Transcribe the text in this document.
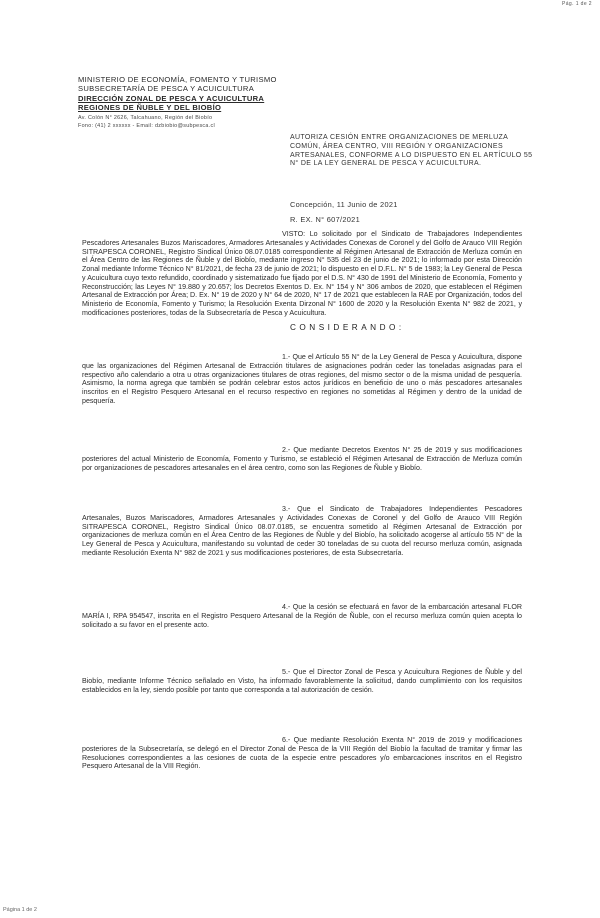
Pág. 1 de 2
MINISTERIO DE ECONOMÍA, FOMENTO Y TURISMO
SUBSECRETARÍA DE PESCA Y ACUICULTURA
DIRECCIÓN ZONAL DE PESCA Y ACUICULTURA
REGIONES DE ÑUBLE Y DEL BIOBÍO
Av. Colón N° 2626, Talcahuano, Región del Biobío
Fono: (41) 2 xxxxxx - Email: dzbiobio@subpesca.cl
AUTORIZA CESIÓN ENTRE ORGANIZACIONES DE MERLUZA COMÚN, ÁREA CENTRO, VIII REGIÓN Y ORGANIZACIONES ARTESANALES, CONFORME A LO DISPUESTO EN EL ARTÍCULO 55 N° DE LA LEY GENERAL DE PESCA Y ACUICULTURA.
Concepción, 11 Junio de 2021
R. EX. N° 607/2021

VISTO: Lo solicitado por el Sindicato de Trabajadores Independientes Pescadores Artesanales Buzos Mariscadores, Armadores Artesanales y Actividades Conexas de Coronel y del Golfo de Arauco VIII Región SITRAPESCA CORONEL, Registro Sindical Único 08.07.0185 correspondiente al Régimen Artesanal de Extracción de Merluza común en el Área Centro de las Regiones de Ñuble y del Biobío, mediante ingreso N° 535 del 23 de junio de 2021; lo informado por esta Dirección Zonal mediante Informe Técnico N° 81/2021, de fecha 23 de junio de 2021; lo dispuesto en el D.F.L. N° 5 de 1983; la Ley General de Pesca y Acuicultura cuyo texto refundido, coordinado y sistematizado fue fijado por el D.S. N° 430 de 1991 del Ministerio de Economía, Fomento y Reconstrucción; las Leyes N° 19.880 y 20.657; los Decretos Exentos D. Ex. N° 154 y N° 306 ambos de 2020, que establecen el Régimen Artesanal de Extracción por Área; D. Ex. N° 19 de 2020 y N° 64 de 2020, N° 17 de 2021 que establecen la RAE por Organización, todos del Ministerio de Economía, Fomento y Turismo; la Resolución Exenta Dirzonal N° 1600 de 2020 y la Resolución Exenta N° 982 de 2021, y modificaciones posteriores, todas de la Subsecretaría de Pesca y Acuicultura.

CONSIDERANDO:

1.- Que el Artículo 55 N° de la Ley General de Pesca y Acuicultura, dispone que las organizaciones del Régimen Artesanal de Extracción titulares de asignaciones podrán ceder las toneladas asignadas para el respectivo año calendario a otra u otras organizaciones titulares de otras regiones, del mismo sector o de la misma unidad de pesquería. Asimismo, la norma agrega que también se podrán celebrar estos actos jurídicos en beneficio de uno o más pescadores artesanales inscritos en el Registro Pesquero Artesanal en el recurso respectivo en regiones no sometidas al Régimen y dentro de la unidad de pesquería.

2.- Que mediante Decretos Exentos N° 25 de 2019 y sus modificaciones posteriores del actual Ministerio de Economía, Fomento y Turismo, se estableció el Régimen Artesanal de Extracción de Merluza común por organizaciones de pescadores artesanales en el área centro, como son las Regiones de Ñuble y Biobío.

3.- Que el Sindicato de Trabajadores Independientes Pescadores Artesanales, Buzos Mariscadores, Armadores Artesanales y Actividades Conexas de Coronel y del Golfo de Arauco VIII Región SITRAPESCA CORONEL, Registro Sindical Único 08.07.0185, se encuentra sometido al Régimen Artesanal de Extracción por organizaciones de merluza común en el Área Centro de las Regiones de Ñuble y del Biobío, ha solicitado acogerse al artículo 55 N° de la Ley General de Pesca y Acuicultura, manifestando su voluntad de ceder 30 toneladas de su cuota del recurso merluza común, asignada mediante Resolución Exenta N° 982 de 2021 y sus modificaciones posteriores, de esta Subsecretaría.

4.- Que la cesión se efectuará en favor de la embarcación artesanal FLOR MARÍA I, RPA 954547, inscrita en el Registro Pesquero Artesanal de la Región de Ñuble, con el recurso merluza común quien acepta lo solicitado a su favor en el presente acto.

5.- Que el Director Zonal de Pesca y Acuicultura Regiones de Ñuble y del Biobío, mediante Informe Técnico señalado en Visto, ha informado favorablemente la solicitud, dando cumplimiento con los requisitos establecidos en la ley, siendo posible por tanto que corresponda a tal autorización de cesión.

6.- Que mediante Resolución Exenta N° 2019 de 2019 y modificaciones posteriores de la Subsecretaría, se delegó en el Director Zonal de Pesca de la VIII Región del Biobío la facultad de tramitar y firmar las Resoluciones correspondientes a las cesiones de cuota de la especie entre pescadores y/o embarcaciones inscritos en el Registro Pesquero Artesanal de la VIII Región.

Página 1 de 2
